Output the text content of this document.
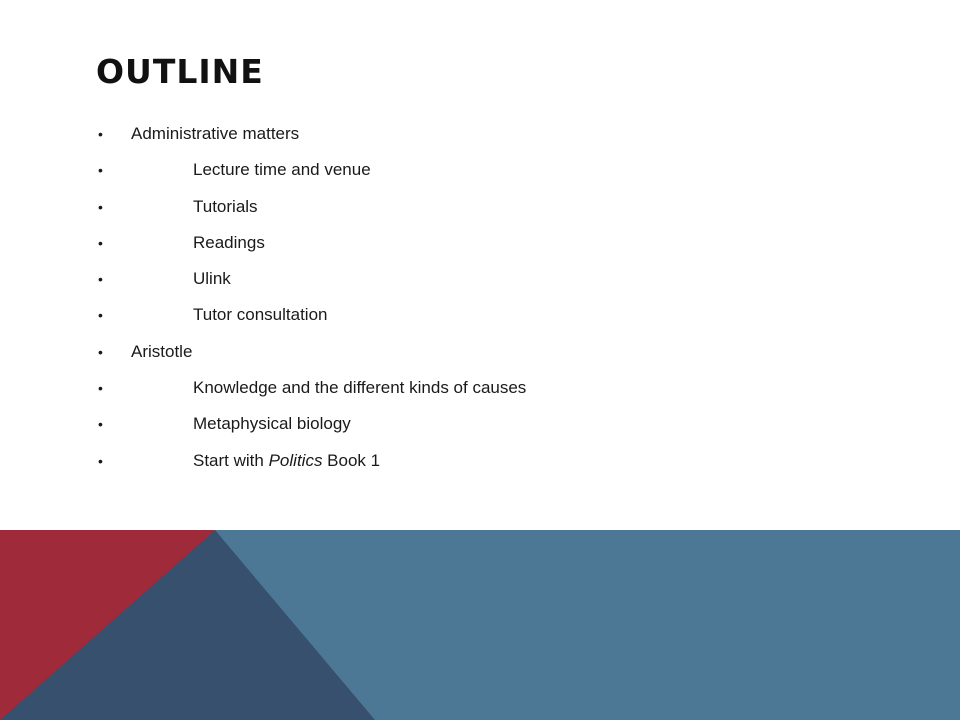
OUTLINE
• Administrative matters
•	Lecture time and venue
•	Tutorials
•	Readings
•	Ulink
•	Tutor consultation
• Aristotle
•	Knowledge and the different kinds of causes
•	Metaphysical biology
•	Start with Politics Book 1
